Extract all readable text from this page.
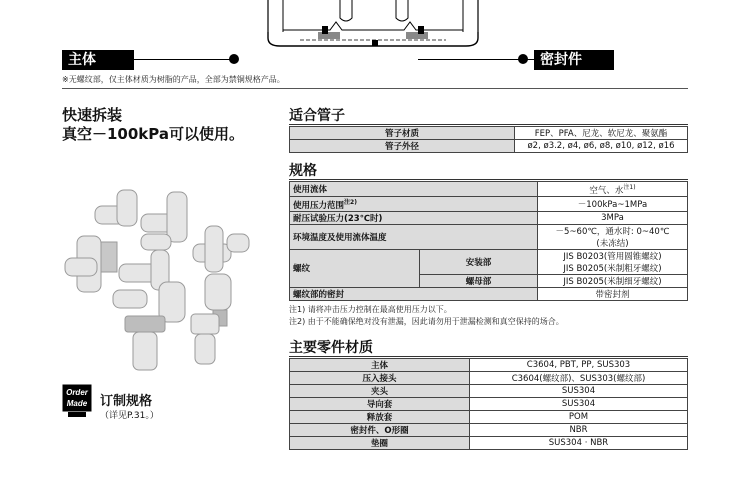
主体	密封件
※无螺纹部，仅主体材质为树脂的产品，全部为禁铜规格产品。
快速拆装
真空－100kPa可以使用。
Order
Made 订制规格
（详见P.31。）
适合管子
管子材质	FEP、PFA、尼龙、软尼龙、聚氨酯
管子外径	ø2, ø3.2, ø4, ø6, ø8, ø10, ø12, ø16
规格
使用流体		空气、水$^{注1)}$
使用压力范围$^{注2)}$		－100kPa~1MPa
耐压试验压力(23℃时)		3MPa
环境温度及使用流体温度		－5~60℃，通水时: 0~40℃
(未冻结)
螺纹	安装部	JIS B0203(管用圆锥螺纹)
JIS B0205(米制粗牙螺纹)
	螺母部	JIS B0205(米制细牙螺纹)
螺纹部的密封		带密封剂
注1) 请将冲击压力控制在最高使用压力以下。
注2) 由于不能确保绝对没有泄漏，因此请勿用于泄漏检测和真空保持的场合。
主要零件材质
主体	C3604, PBT, PP, SUS303
压入接头	C3604(螺纹部)、SUS303(螺纹部)
夹头	SUS304
导向套	SUS304
释放套	POM
密封件、O形圈	NBR
垫圈	SUS304 · NBR
